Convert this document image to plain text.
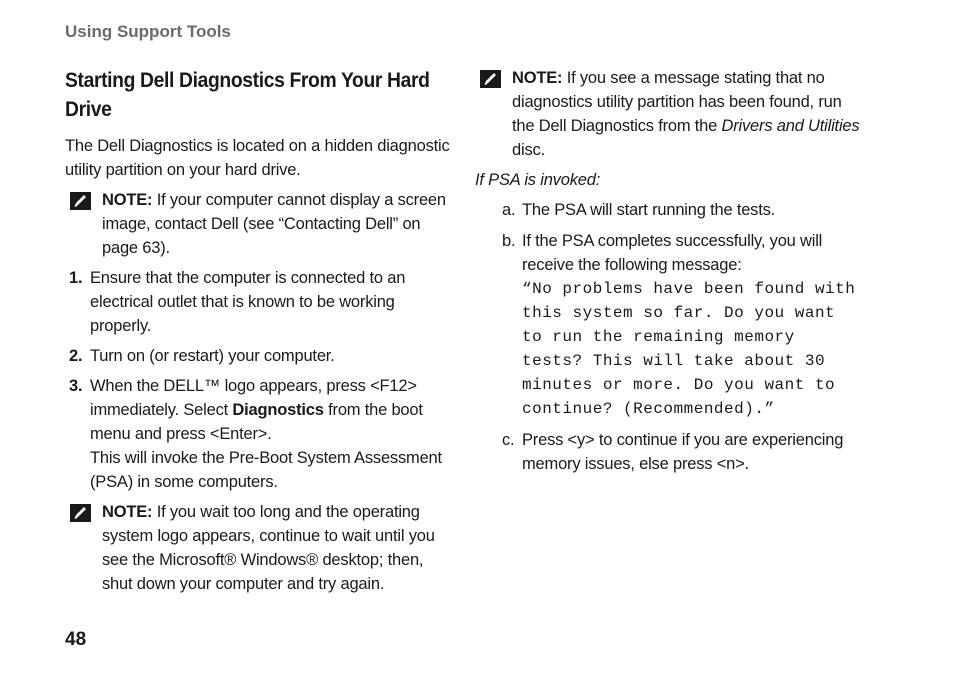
Using Support Tools
Starting Dell Diagnostics From Your Hard Drive

The Dell Diagnostics is located on a hidden diagnostic utility partition on your hard drive.

NOTE: If your computer cannot display a screen image, contact Dell (see “Contacting Dell” on page 63).
1. Ensure that the computer is connected to an electrical outlet that is known to be working properly.
2. Turn on (or restart) your computer.
3. When the DELL™ logo appears, press <F12> immediately. Select Diagnostics from the boot menu and press <Enter>.
This will invoke the Pre-Boot System Assessment (PSA) in some computers.
NOTE: If you wait too long and the operating system logo appears, continue to wait until you see the Microsoft® Windows® desktop; then, shut down your computer and try again.
NOTE: If you see a message stating that no diagnostics utility partition has been found, run the Dell Diagnostics from the Drivers and Utilities disc.

If PSA is invoked:

a. The PSA will start running the tests.
b. If the PSA completes successfully, you will receive the following message:
“No problems have been found with this system so far. Do you want to run the remaining memory tests? This will take about 30 minutes or more. Do you want to continue? (Recommended).”
c. Press <y> to continue if you are experiencing memory issues, else press <n>.
48
